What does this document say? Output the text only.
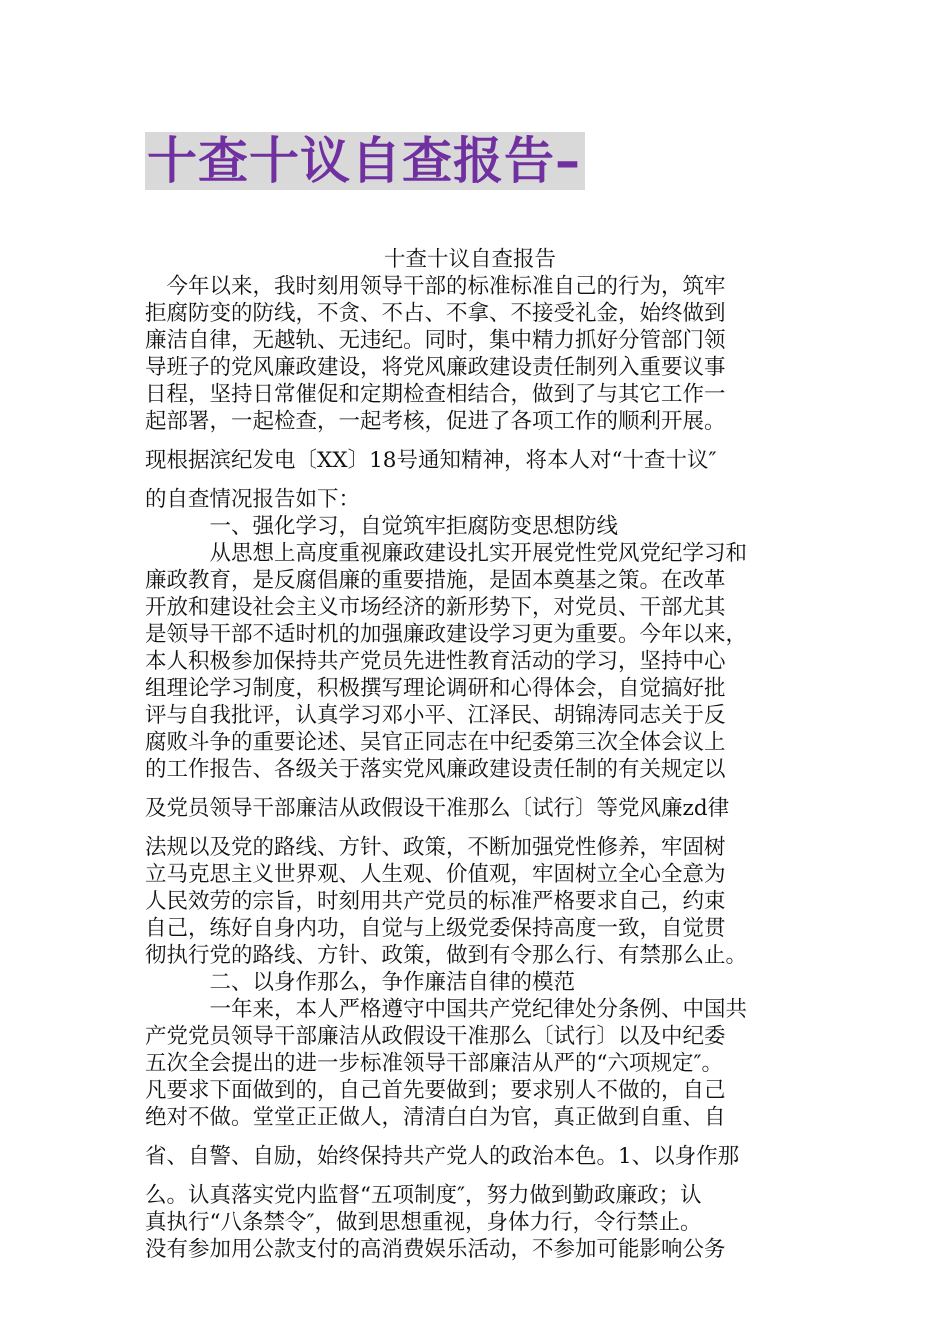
十查十议自查报告–
十查十议自查报告
　今年以来，我时刻用领导干部的标准标准自己的行为，筑牢
拒腐防变的防线，不贪、不占、不拿、不接受礼金，始终做到
廉洁自律，无越轨、无违纪。同时，集中精力抓好分管部门领
导班子的党风廉政建设，将党风廉政建设责任制列入重要议事
日程，坚持日常催促和定期检查相结合，做到了与其它工作一
起部署，一起检查，一起考核，促进了各项工作的顺利开展。
现根据滨纪发电〔XX〕18号通知精神，将本人对“十查十议″
的自查情况报告如下：
　　　一、强化学习，自觉筑牢拒腐防变思想防线
　　　从思想上高度重视廉政建设扎实开展党性党风党纪学习和
廉政教育，是反腐倡廉的重要措施，是固本奠基之策。在改革
开放和建设社会主义市场经济的新形势下，对党员、干部尤其
是领导干部不适时机的加强廉政建设学习更为重要。今年以来，
本人积极参加保持共产党员先进性教育活动的学习，坚持中心
组理论学习制度，积极撰写理论调研和心得体会，自觉搞好批
评与自我批评，认真学习邓小平、江泽民、胡锦涛同志关于反
腐败斗争的重要论述、吴官正同志在中纪委第三次全体会议上
的工作报告、各级关于落实党风廉政建设责任制的有关规定以
及党员领导干部廉洁从政假设干准那么〔试行〕等党风廉zd律
法规以及党的路线、方针、政策，不断加强党性修养，牢固树
立马克思主义世界观、人生观、价值观，牢固树立全心全意为
人民效劳的宗旨，时刻用共产党员的标准严格要求自己，约束
自己，练好自身内功，自觉与上级党委保持高度一致，自觉贯
彻执行党的路线、方针、政策，做到有令那么行、有禁那么止。
　　　二、以身作那么，争作廉洁自律的模范
　　　一年来，本人严格遵守中国共产党纪律处分条例、中国共
产党党员领导干部廉洁从政假设干准那么〔试行〕以及中纪委
五次全会提出的进一步标准领导干部廉洁从严的“六项规定″。
凡要求下面做到的，自己首先要做到；要求别人不做的，自己
绝对不做。堂堂正正做人，清清白白为官，真正做到自重、自
省、自警、自励，始终保持共产党人的政治本色。1、以身作那
么。认真落实党内监督“五项制度″，努力做到勤政廉政；认
真执行“八条禁令″，做到思想重视，身体力行，令行禁止。
没有参加用公款支付的高消费娱乐活动，不参加可能影响公务
